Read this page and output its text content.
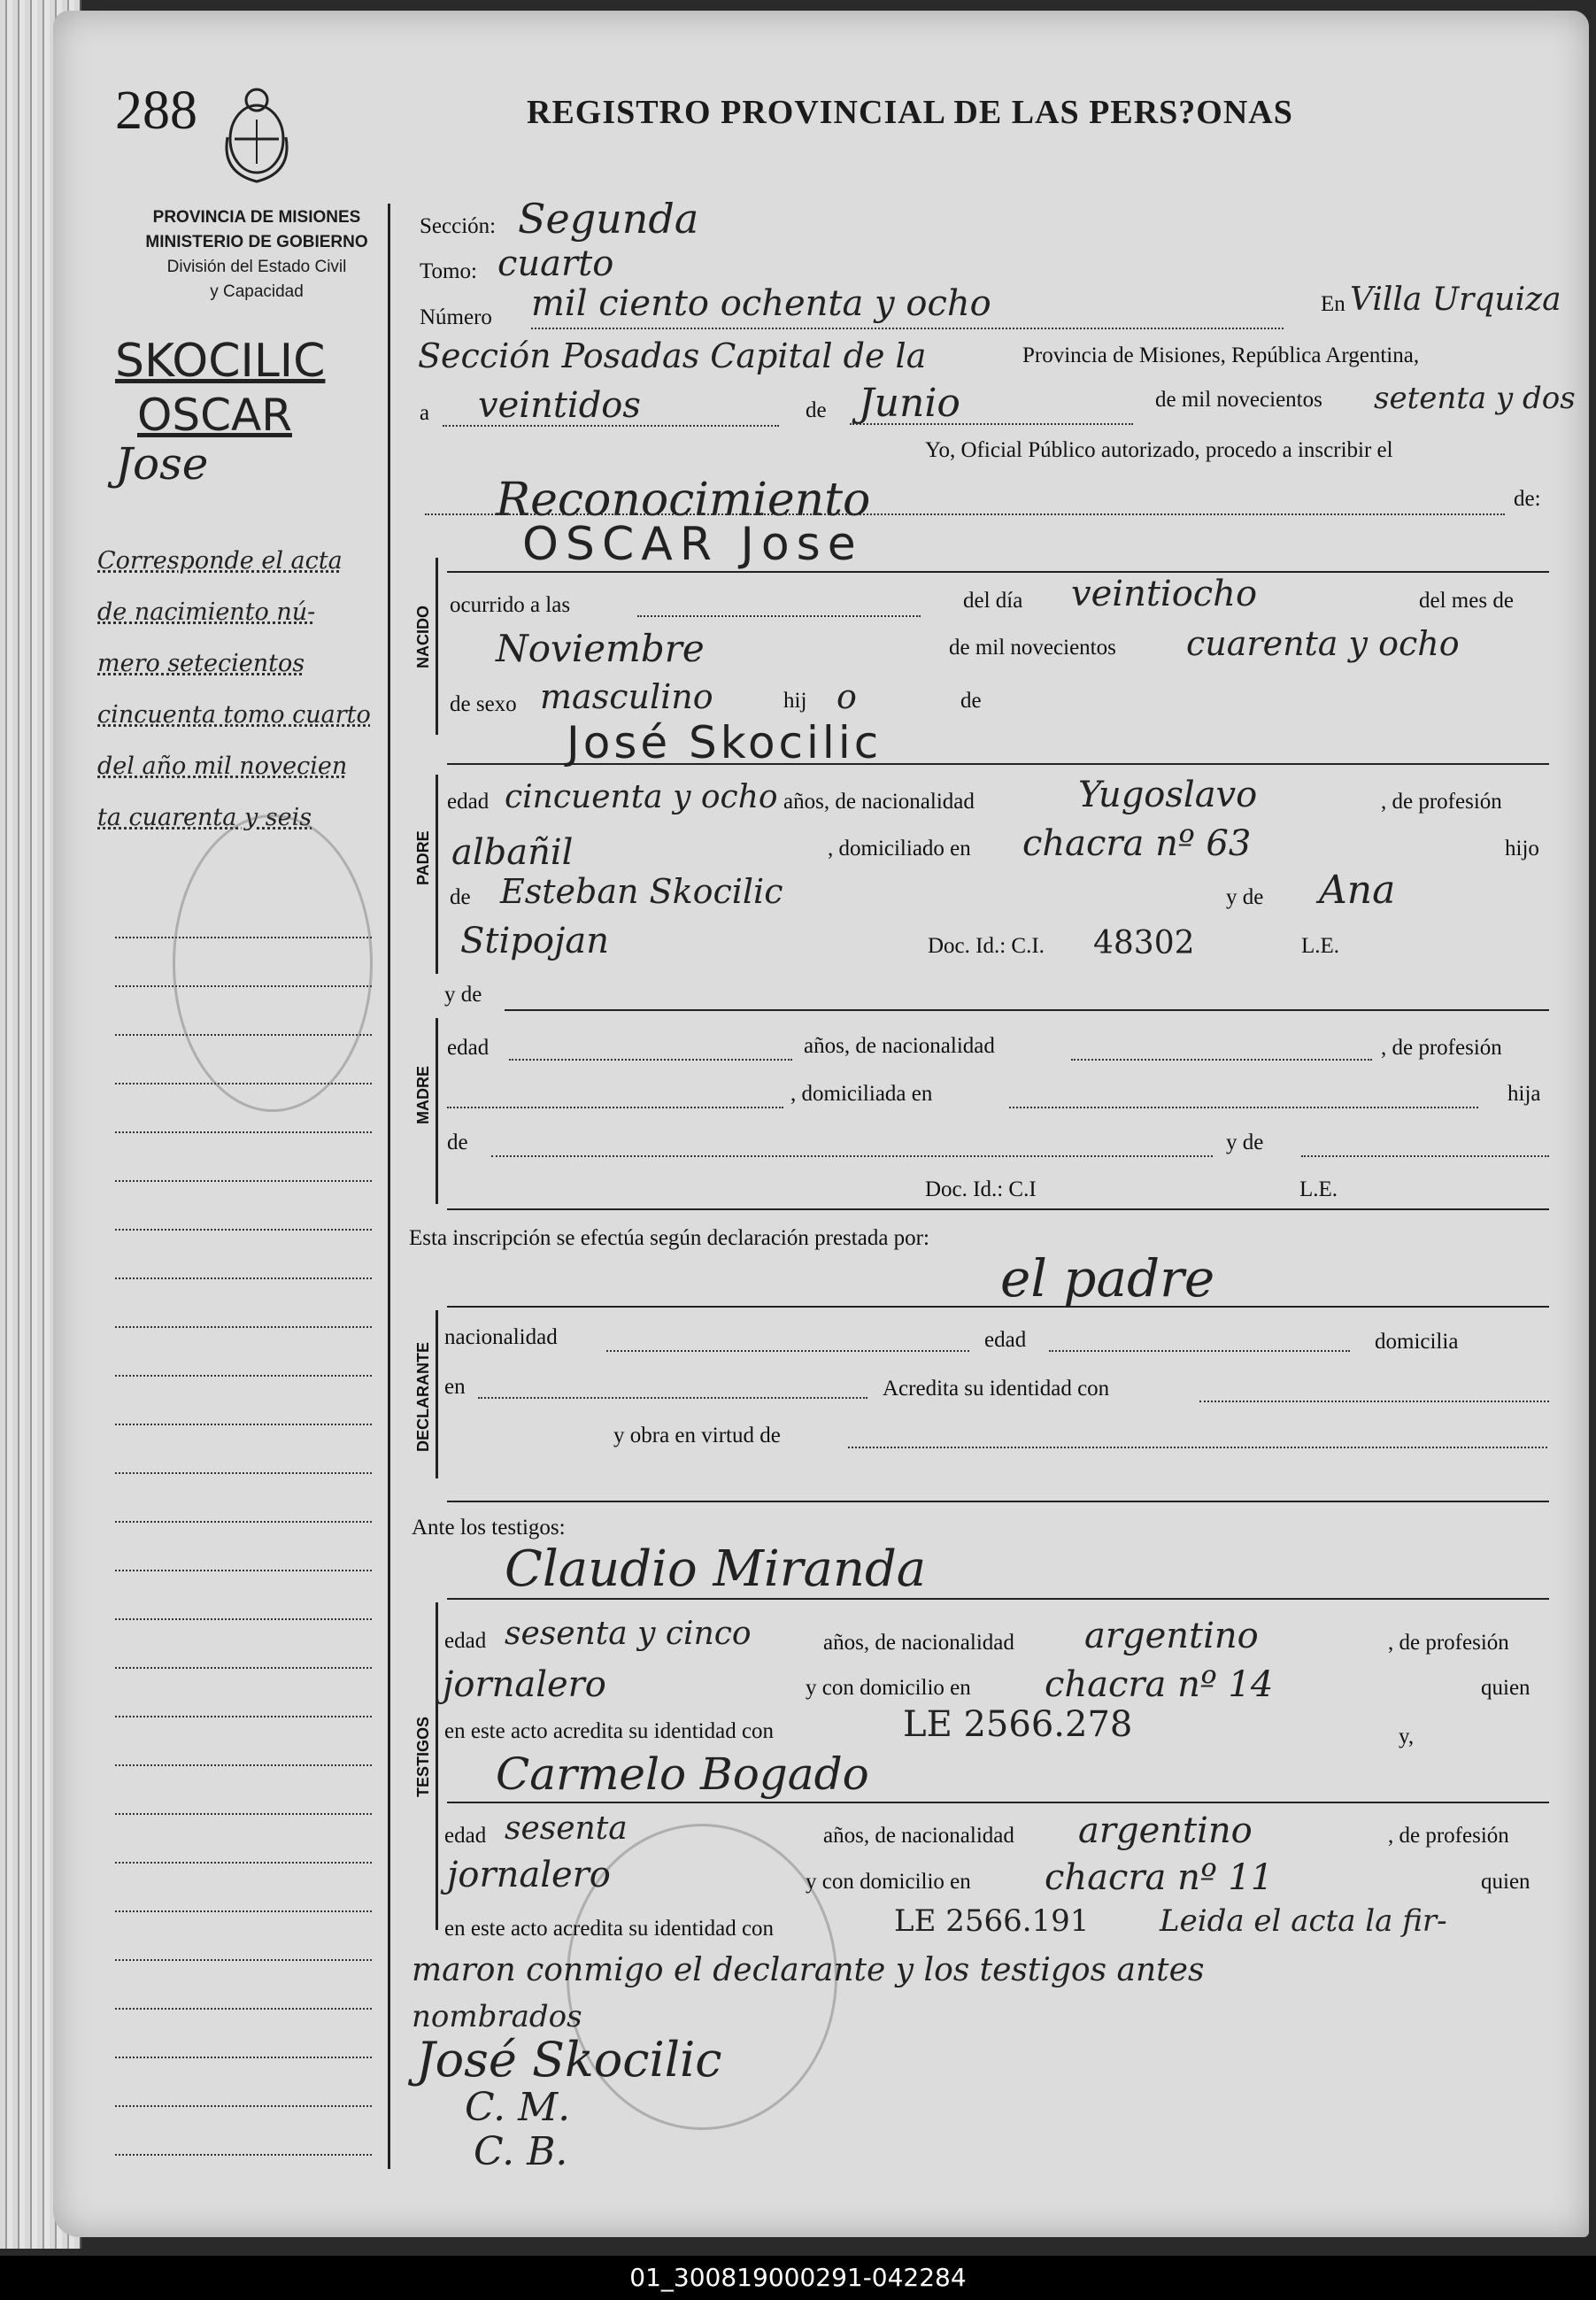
288	REGISTRO PROVINCIAL DE LAS PERS?ONAS
PROVINCIA DE MISIONES
MINISTERIO DE GOBIERNO
División del Estado Civil
y Capacidad
SKOCILIC
OSCAR
Jose
Corresponde el acta
de nacimiento nú-
mero setecientos
cincuenta tomo cuarto
del año mil novecien
ta cuarenta y seis
Sección: Segunda
Tomo: cuarto
Número mil ciento ochenta y ocho	En Villa Urquiza
Sección Posadas Capital de la	Provincia de Misiones, República Argentina,
a veintidos	de Junio	de mil novecientos setenta y dos
Yo, Oficial Público autorizado, procedo a inscribir el
Reconocimiento	de:
OSCAR Jose
NACIDO
ocurrido a las	del día veintiocho	del mes de
Noviembre	de mil novecientos cuarenta y ocho
de sexo masculino	hij o	de
José Skocilic
PADRE
edad cincuenta y ocho años, de nacionalidad	Yugoslavo	, de profesión
albañil	, domiciliado en chacra nº 63	hijo
de Esteban Skocilic	y de Ana
Stipojan	Doc. Id.: C.I. 48302	L.E.
y de
MADRE
edad	años, de nacionalidad	, de profesión
, domiciliada en	hija
de	y de
Doc. Id.: C.I	L.E.
Esta inscripción se efectúa según declaración prestada por:
el padre
DECLARANTE
nacionalidad	edad	domicilia
en	Acredita su identidad con
y obra en virtud de
Ante los testigos:
Claudio Miranda
TESTIGOS
edad sesenta y cinco	años, de nacionalidad argentino	, de profesión
jornalero	y con domicilio en chacra nº 14	quien
en este acto acredita su identidad con	LE 2566.278	y,
Carmelo Bogado
edad sesenta	años, de nacionalidad argentino	, de profesión
jornalero	y con domicilio en chacra nº 11	quien
en este acto acredita su identidad con	LE 2566.191 Leida el acta la fir-
maron conmigo el declarante y los testigos antes
nombrados
José Skocilic
C. M.
C. B.
01_300819000291-042284
